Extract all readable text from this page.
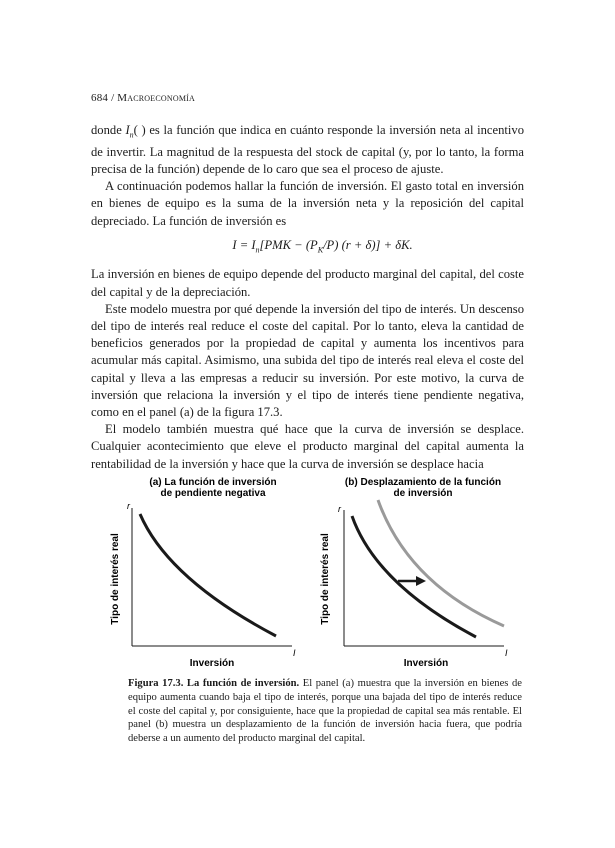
684 / Macroeconomía

donde $I_n$( ) es la función que indica en cuánto responde la inversión neta al incentivo de invertir. La magnitud de la respuesta del stock de capital (y, por lo tanto, la forma precisa de la función) depende de lo caro que sea el proceso de ajuste.

A continuación podemos hallar la función de inversión. El gasto total en inversión en bienes de equipo es la suma de la inversión neta y la reposición del capital depreciado. La función de inversión es

$I = I_n[PMK - (P_K/P) (r + \delta)] + \delta K$.

La inversión en bienes de equipo depende del producto marginal del capital, del coste del capital y de la depreciación.

Este modelo muestra por qué depende la inversión del tipo de interés. Un descenso del tipo de interés real reduce el coste del capital. Por lo tanto, eleva la cantidad de beneficios generados por la propiedad de capital y aumenta los incentivos para acumular más capital. Asimismo, una subida del tipo de interés real eleva el coste del capital y lleva a las empresas a reducir su inversión. Por este motivo, la curva de inversión que relaciona la inversión y el tipo de interés tiene pendiente negativa, como en el panel (a) de la figura 17.3.

El modelo también muestra qué hace que la curva de inversión se desplace. Cualquier acontecimiento que eleve el producto marginal del capital aumenta la rentabilidad de la inversión y hace que la curva de inversión se desplace hacia

(a) La función de inversión
de pendiente negativa
r
I
Tipo de interés real
Inversión
(b) Desplazamiento de la función
de inversión
r
I
Tipo de interés real
Inversión

Figura 17.3. La función de inversión. El panel (a) muestra que la inversión en bienes de equipo aumenta cuando baja el tipo de interés, porque una bajada del tipo de interés reduce el coste del capital y, por consiguiente, hace que la propiedad de capital sea más rentable. El panel (b) muestra un desplazamiento de la función de inversión hacia fuera, que podría deberse a un aumento del producto marginal del capital.
